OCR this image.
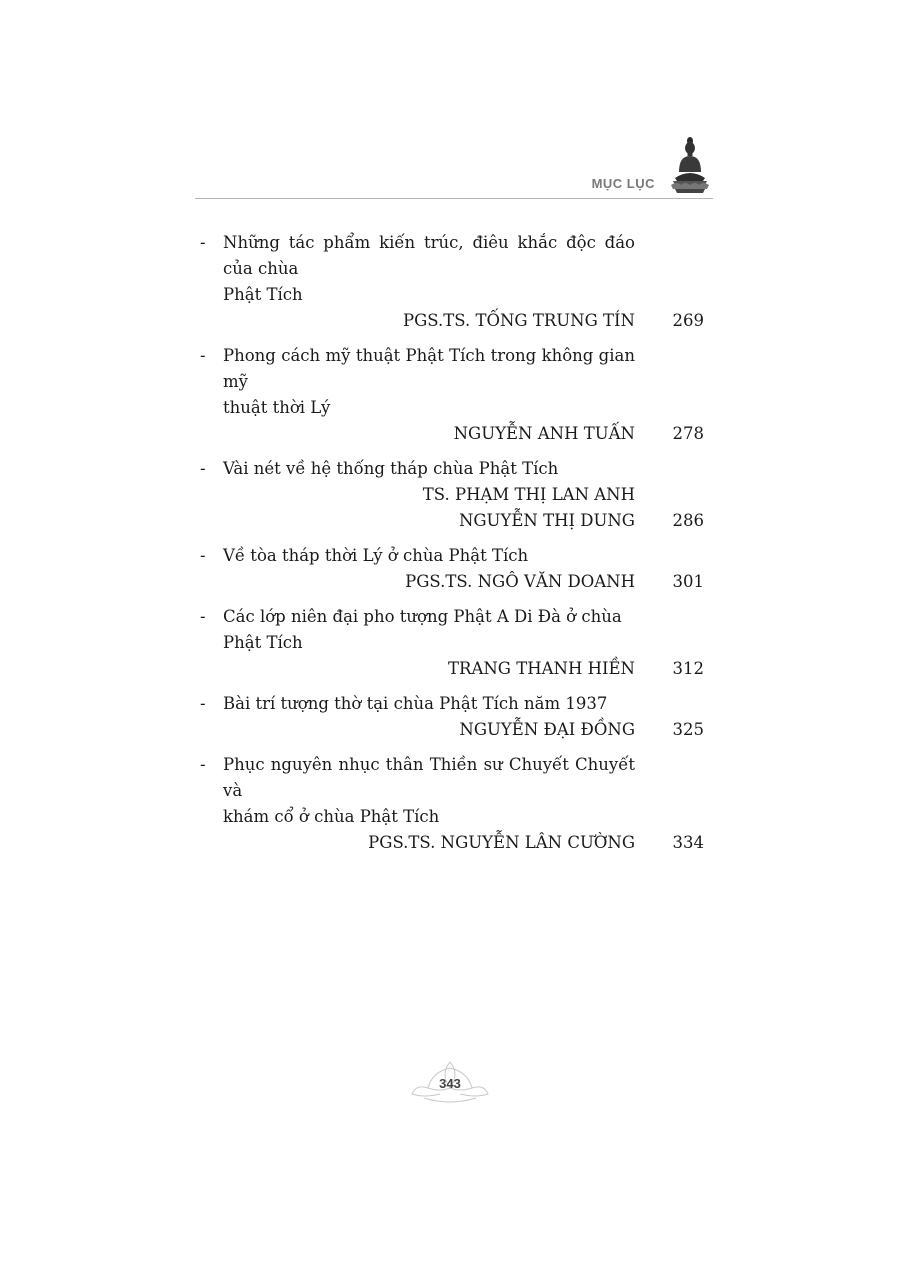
MỤC LỤC
- Những tác phẩm kiến trúc, điêu khắc độc đáo của chùa
Phật Tích
PGS.TS. TỐNG TRUNG TÍN 269
- Phong cách mỹ thuật Phật Tích trong không gian mỹ
thuật thời Lý
NGUYỄN ANH TUẤN 278
- Vài nét về hệ thống tháp chùa Phật Tích
TS. PHẠM THỊ LAN ANH
NGUYỄN THỊ DUNG 286
- Về tòa tháp thời Lý ở chùa Phật Tích
PGS.TS. NGÔ VĂN DOANH 301
- Các lớp niên đại pho tượng Phật A Di Đà ở chùa
Phật Tích
TRANG THANH HIỀN 312
- Bài trí tượng thờ tại chùa Phật Tích năm 1937
NGUYỄN ĐẠI ĐỒNG 325
- Phục nguyên nhục thân Thiền sư Chuyết Chuyết và
khám cổ ở chùa Phật Tích
PGS.TS. NGUYỄN LÂN CƯỜNG 334
343
